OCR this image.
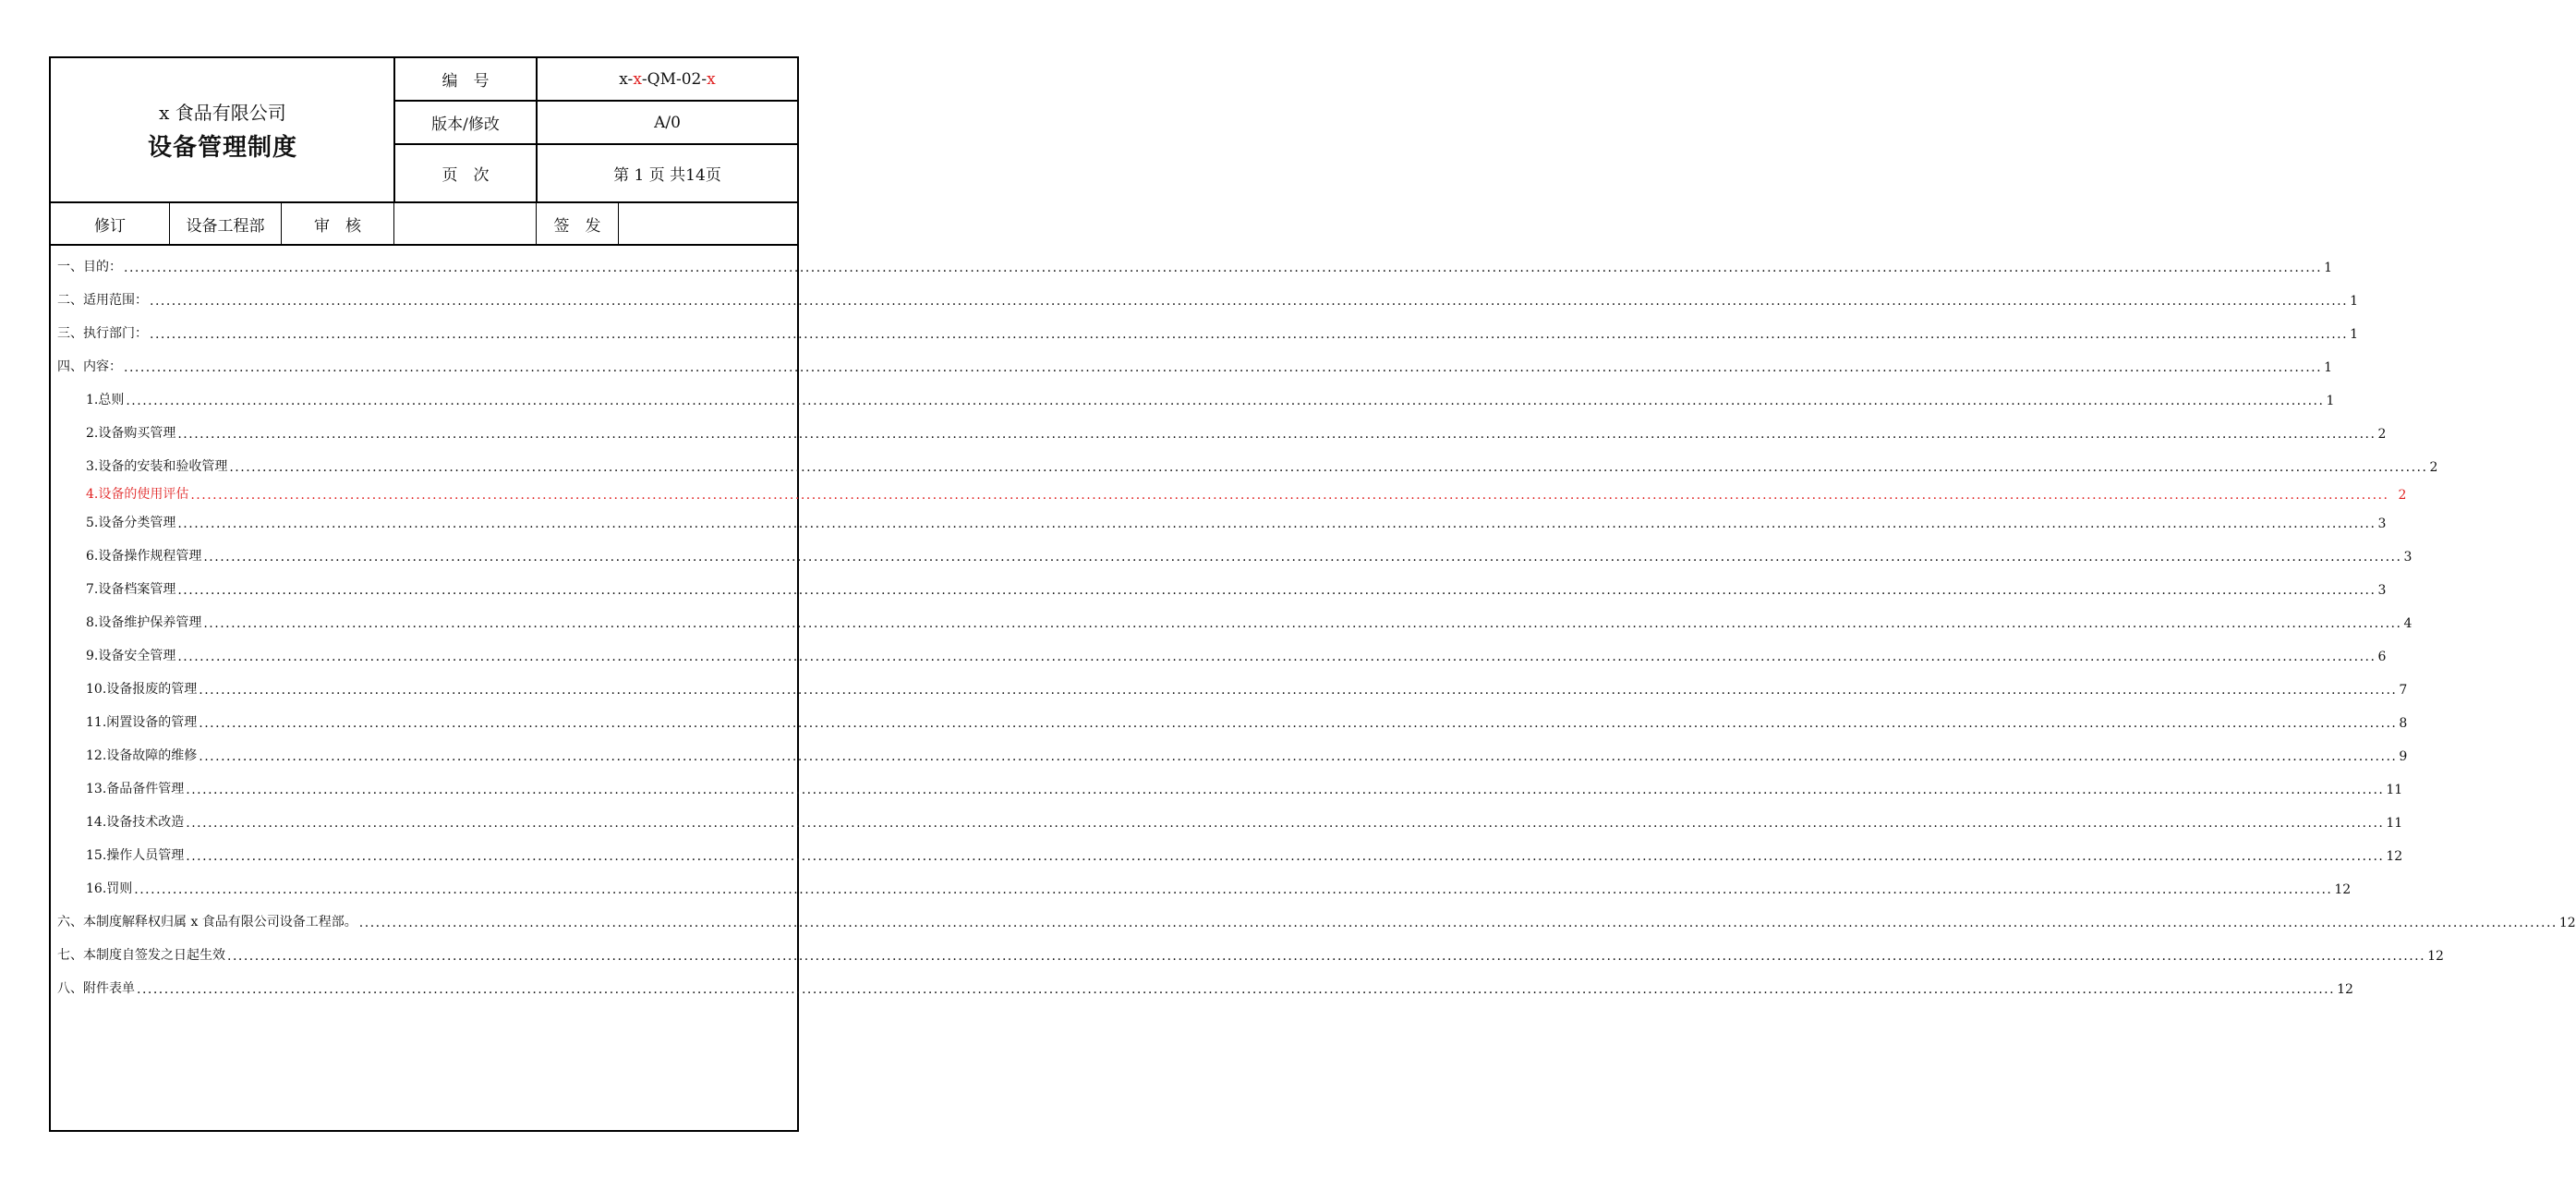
x 食品有限公司
设备管理制度
编　号	x- x -QM-02- x
版本/修改	A/0
页　次	第 1 页 共14页
修订	设备工程部	审　核	签　发
一、目的： ................................................................................................................................................................................................................................................................................................................................................................................................................ 1
二、适用范围： ................................................................................................................................................................................................................................................................................................................................................................................................................ 1
三、执行部门： ................................................................................................................................................................................................................................................................................................................................................................................................................ 1
四、内容： ................................................................................................................................................................................................................................................................................................................................................................................................................ 1
1.总则 ................................................................................................................................................................................................................................................................................................................................................................................................................ 1
2.设备购买管理 ................................................................................................................................................................................................................................................................................................................................................................................................................ 2
3.设备的安装和验收管理 ................................................................................................................................................................................................................................................................................................................................................................................................................ 2
4.设备的使用评估 ................................................................................................................................................................................................................................................................................................................................................................................................................ 2
5.设备分类管理 ................................................................................................................................................................................................................................................................................................................................................................................................................ 3
6.设备操作规程管理 ................................................................................................................................................................................................................................................................................................................................................................................................................ 3
7.设备档案管理 ................................................................................................................................................................................................................................................................................................................................................................................................................ 3
8.设备维护保养管理 ................................................................................................................................................................................................................................................................................................................................................................................................................ 4
9.设备安全管理 ................................................................................................................................................................................................................................................................................................................................................................................................................ 6
10.设备报废的管理 ................................................................................................................................................................................................................................................................................................................................................................................................................ 7
11.闲置设备的管理 ................................................................................................................................................................................................................................................................................................................................................................................................................ 8
12.设备故障的维修 ................................................................................................................................................................................................................................................................................................................................................................................................................ 9
13.备品备件管理 ................................................................................................................................................................................................................................................................................................................................................................................................................ 11
14.设备技术改造 ................................................................................................................................................................................................................................................................................................................................................................................................................ 11
15.操作人员管理 ................................................................................................................................................................................................................................................................................................................................................................................................................ 12
16.罚则 ................................................................................................................................................................................................................................................................................................................................................................................................................ 12
六、本制度解释权归属 x 食品有限公司设备工程部。 ................................................................................................................................................................................................................................................................................................................................................................................................................ 12
七、本制度自签发之日起生效 ................................................................................................................................................................................................................................................................................................................................................................................................................ 12
八、附件表单 ................................................................................................................................................................................................................................................................................................................................................................................................................ 12
